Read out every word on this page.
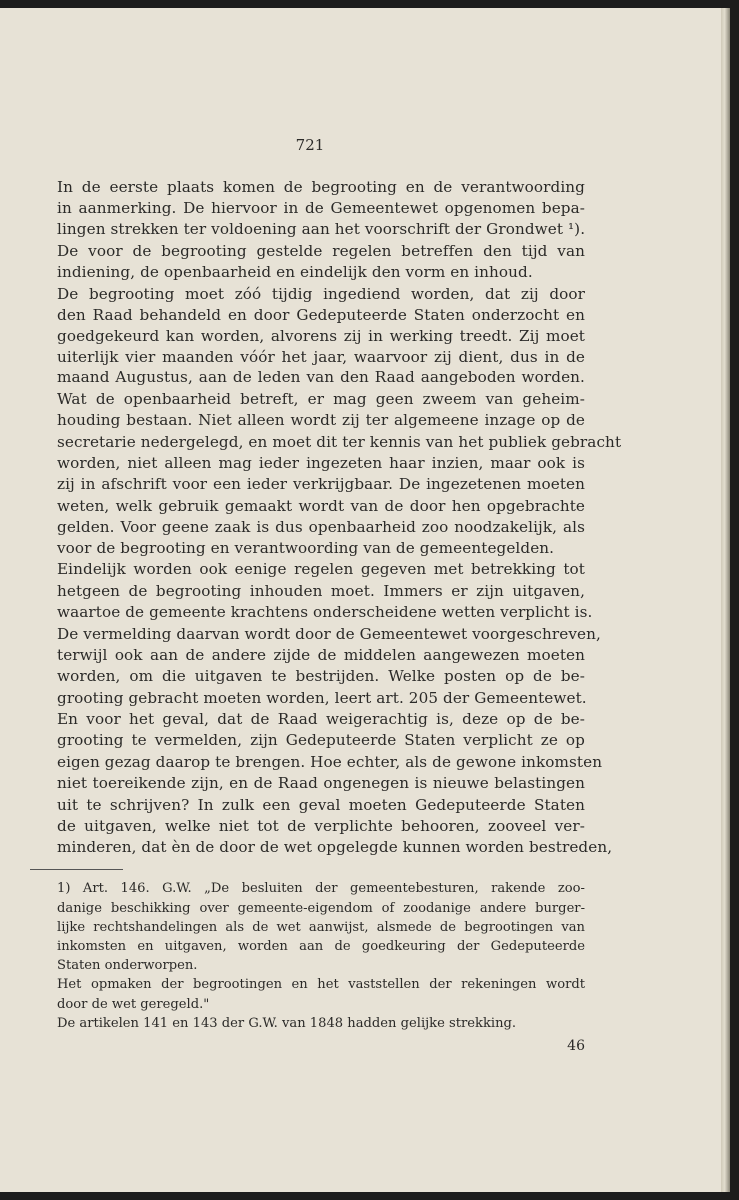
721

In de eerste plaats komen de begrooting en de verantwoording

in aanmerking. De hiervoor in de Gemeentewet opgenomen bepa-

lingen strekken ter voldoening aan het voorschrift der Grondwet ¹).

De voor de begrooting gestelde regelen betreffen den tijd van

indiening, de openbaarheid en eindelijk den vorm en inhoud.

De begrooting moet zóó tijdig ingediend worden, dat zij door

den Raad behandeld en door Gedeputeerde Staten onderzocht en

goedgekeurd kan worden, alvorens zij in werking treedt. Zij moet

uiterlijk vier maanden vóór het jaar, waarvoor zij dient, dus in de

maand Augustus, aan de leden van den Raad aangeboden worden.

Wat de openbaarheid betreft, er mag geen zweem van geheim-

houding bestaan. Niet alleen wordt zij ter algemeene inzage op de

secretarie nedergelegd, en moet dit ter kennis van het publiek gebracht

worden, niet alleen mag ieder ingezeten haar inzien, maar ook is

zij in afschrift voor een ieder verkrijgbaar. De ingezetenen moeten

weten, welk gebruik gemaakt wordt van de door hen opgebrachte

gelden. Voor geene zaak is dus openbaarheid zoo noodzakelijk, als

voor de begrooting en verantwoording van de gemeentegelden.

Eindelijk worden ook eenige regelen gegeven met betrekking tot

hetgeen de begrooting inhouden moet. Immers er zijn uitgaven,

waartoe de gemeente krachtens onderscheidene wetten verplicht is.

De vermelding daarvan wordt door de Gemeentewet voorgeschreven,

terwijl ook aan de andere zijde de middelen aangewezen moeten

worden, om die uitgaven te bestrijden. Welke posten op de be-

grooting gebracht moeten worden, leert art. 205 der Gemeentewet.

En voor het geval, dat de Raad weigerachtig is, deze op de be-

grooting te vermelden, zijn Gedeputeerde Staten verplicht ze op

eigen gezag daarop te brengen. Hoe echter, als de gewone inkomsten

niet toereikende zijn, en de Raad ongenegen is nieuwe belastingen

uit te schrijven? In zulk een geval moeten Gedeputeerde Staten

de uitgaven, welke niet tot de verplichte behooren, zooveel ver-

minderen, dat èn de door de wet opgelegde kunnen worden bestreden,

1) Art. 146. G.W. „De besluiten der gemeentebesturen, rakende zoo-

danige beschikking over gemeente-eigendom of zoodanige andere burger-

lijke rechtshandelingen als de wet aanwijst, alsmede de begrootingen van

inkomsten en uitgaven, worden aan de goedkeuring der Gedeputeerde

Staten onderworpen.

Het opmaken der begrootingen en het vaststellen der rekeningen wordt

door de wet geregeld."

De artikelen 141 en 143 der G.W. van 1848 hadden gelijke strekking.

46
